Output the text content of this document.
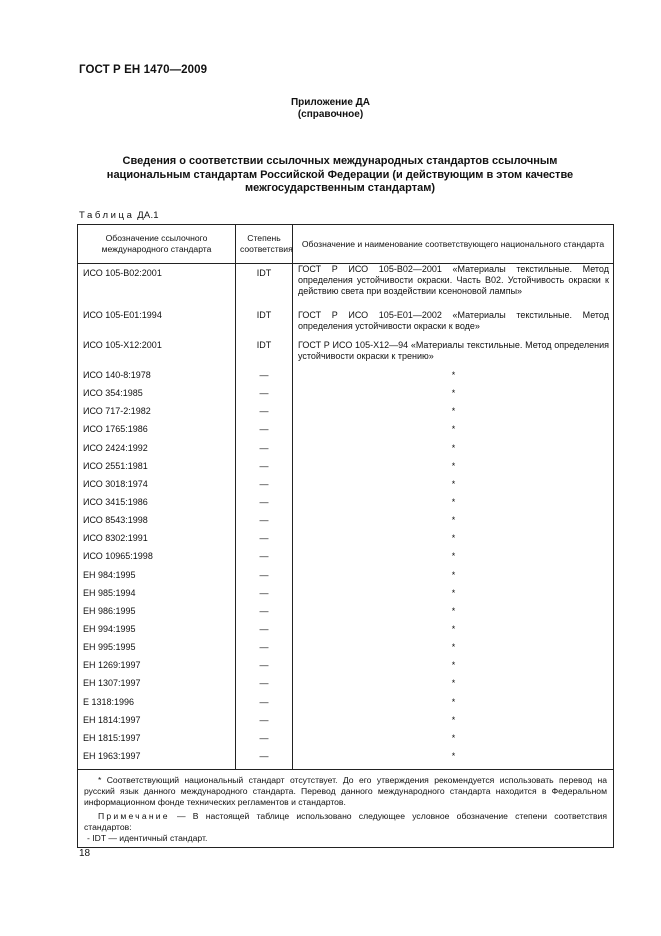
ГОСТ Р ЕН 1470—2009
Приложение ДА
(справочное)
Сведения о соответствии ссылочных международных стандартов ссылочным национальным стандартам Российской Федерации (и действующим в этом качестве межгосударственным стандартам)
Таблица ДА.1
Обозначение ссылочного международного стандарта	Степень соответствия	Обозначение и наименование соответствующего национального стандарта
ИСО 105-В02:2001	IDT	ГОСТ Р ИСО 105-В02—2001 «Материалы текстильные. Метод определения устойчивости окраски. Часть В02. Устойчивость окраски к действию света при воздействии ксеноновой лампы»
ИСО 105-Е01:1994	IDT	ГОСТ Р ИСО 105-Е01—2002 «Материалы текстильные. Метод определения устойчивости окраски к воде»
ИСО 105-Х12:2001	IDT	ГОСТ Р ИСО 105-Х12—94 «Материалы текстильные. Метод определения устойчивости окраски к трению»
ИСО 140-8:1978	—	*
ИСО 354:1985	—	*
ИСО 717-2:1982	—	*
ИСО 1765:1986	—	*
ИСО 2424:1992	—	*
ИСО 2551:1981	—	*
ИСО 3018:1974	—	*
ИСО 3415:1986	—	*
ИСО 8543:1998	—	*
ИСО 8302:1991	—	*
ИСО 10965:1998	—	*
ЕН 984:1995	—	*
ЕН 985:1994	—	*
ЕН 986:1995	—	*
ЕН 994:1995	—	*
ЕН 995:1995	—	*
ЕН 1269:1997	—	*
ЕН 1307:1997	—	*
Е 1318:1996	—	*
ЕН 1814:1997	—	*
ЕН 1815:1997	—	*
ЕН 1963:1997	—	*

* Соответствующий национальный стандарт отсутствует. До его утверждения рекомендуется использовать перевод на русский язык данного международного стандарта. Перевод данного международного стандарта находится в Федеральном информационном фонде технических регламентов и стандартов.

Примечание — В настоящей таблице использовано следующее условное обозначение степени соответствия стандартов:

- IDT — идентичный стандарт.		

18
